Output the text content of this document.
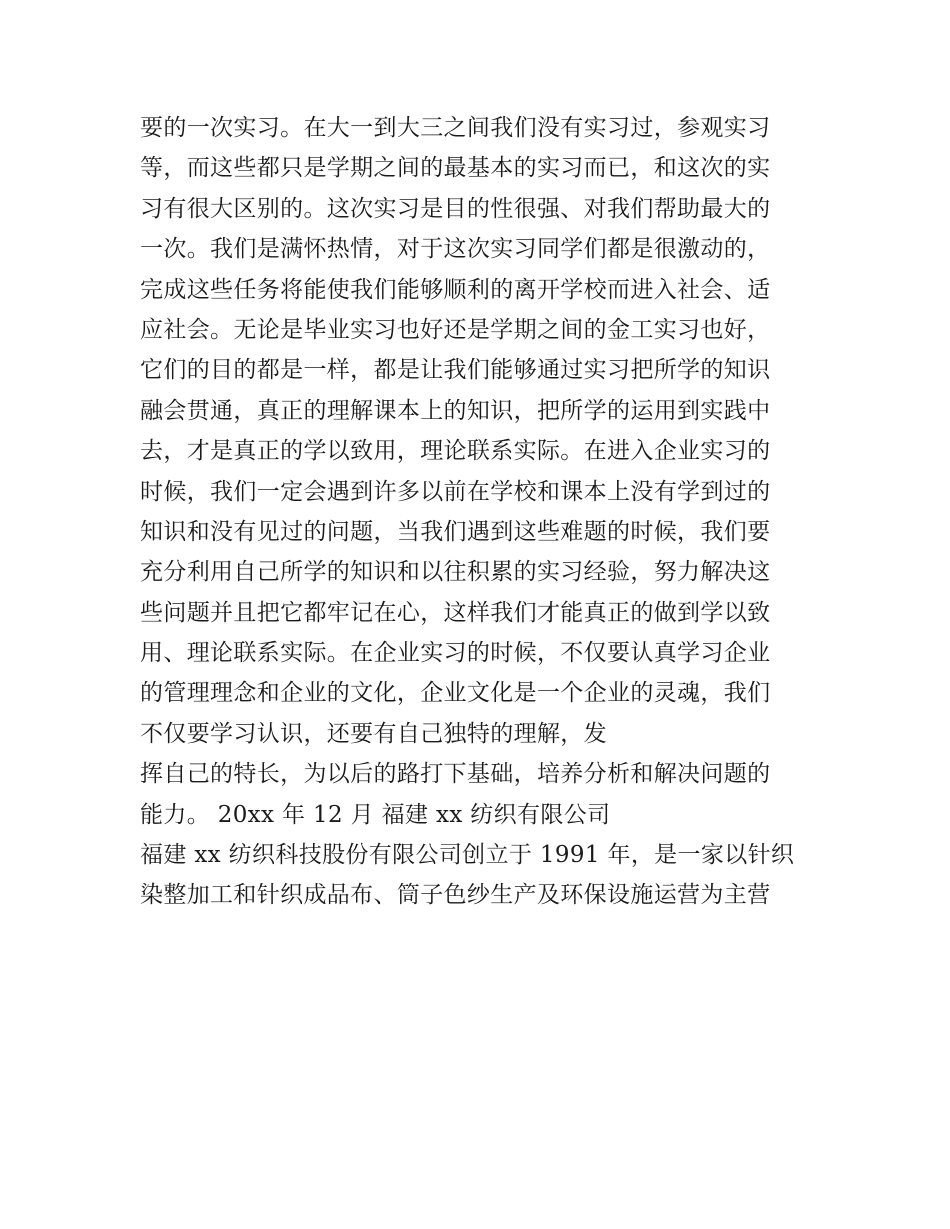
要的一次实习。在大一到大三之间我们没有实习过，参观实习
等，而这些都只是学期之间的最基本的实习而已，和这次的实
习有很大区别的。这次实习是目的性很强、对我们帮助最大的
一次。我们是满怀热情，对于这次实习同学们都是很激动的，
完成这些任务将能使我们能够顺利的离开学校而进入社会、适
应社会。无论是毕业实习也好还是学期之间的金工实习也好，
它们的目的都是一样，都是让我们能够通过实习把所学的知识
融会贯通，真正的理解课本上的知识，把所学的运用到实践中
去，才是真正的学以致用，理论联系实际。在进入企业实习的
时候，我们一定会遇到许多以前在学校和课本上没有学到过的
知识和没有见过的问题，当我们遇到这些难题的时候，我们要
充分利用自己所学的知识和以往积累的实习经验，努力解决这
些问题并且把它都牢记在心，这样我们才能真正的做到学以致
用、理论联系实际。在企业实习的时候，不仅要认真学习企业
的管理理念和企业的文化，企业文化是一个企业的灵魂，我们
不仅要学习认识，还要有自己独特的理解，发
挥自己的特长，为以后的路打下基础，培养分析和解决问题的
能力。 20xx 年 12 月 福建 xx 纺织有限公司
福建 xx 纺织科技股份有限公司创立于 1991 年，是一家以针织
染整加工和针织成品布、筒子色纱生产及环保设施运营为主营
